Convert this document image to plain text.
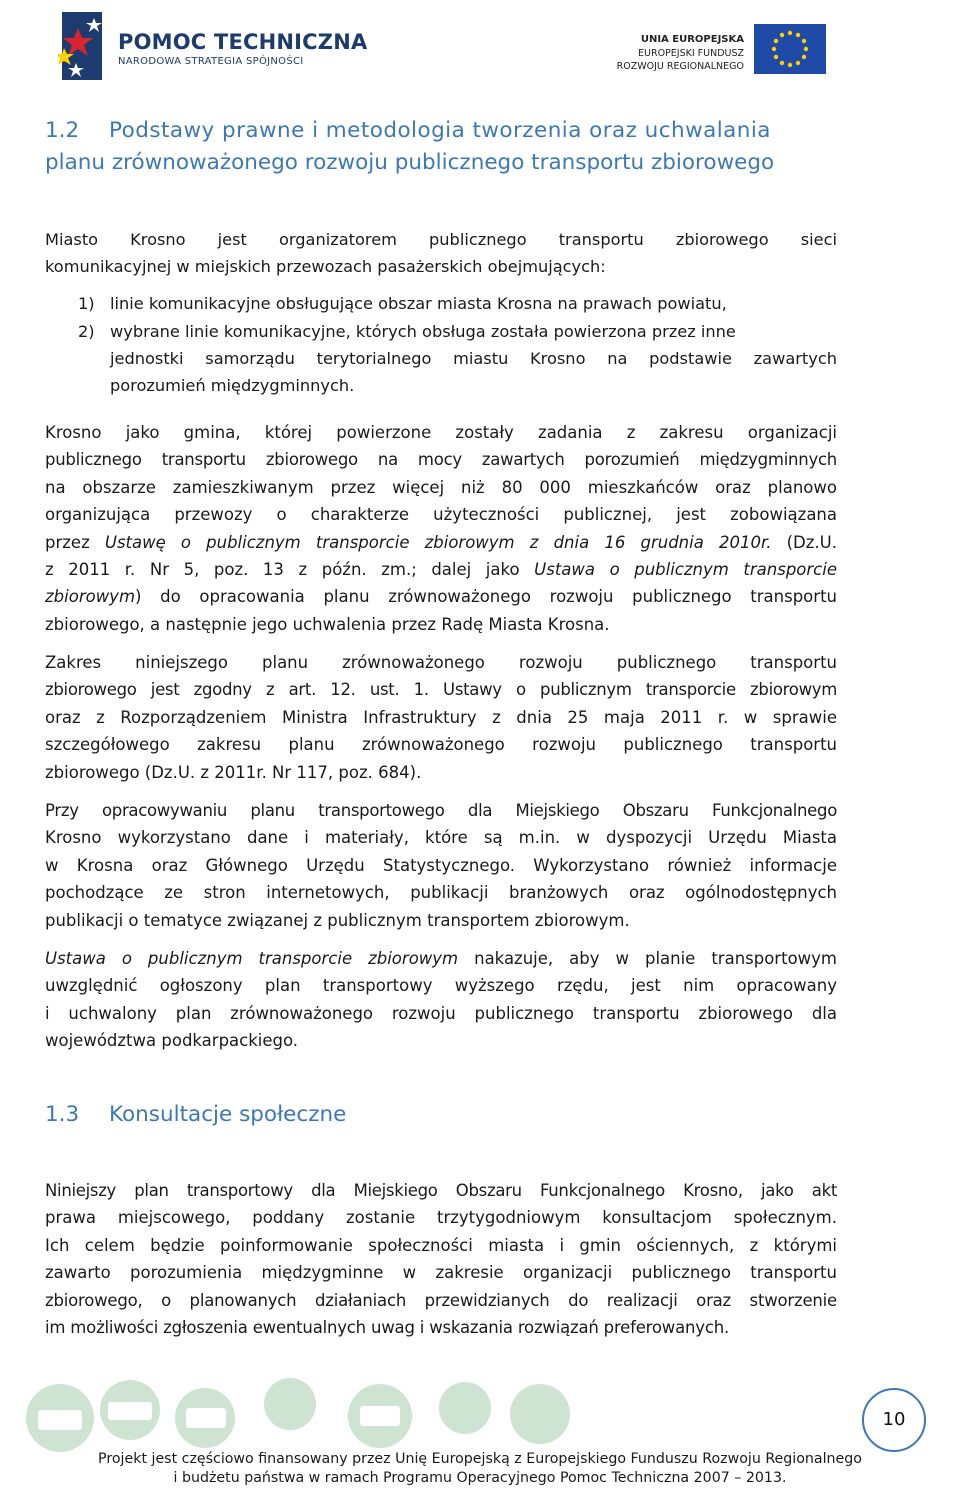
POMOC TECHNICZNA
NARODOWA STRATEGIA SPÓJNOŚCI
UNIA EUROPEJSKA
EUROPEJSKI FUNDUSZ
ROZWOJU REGIONALNEGO
1.2 Podstawy prawne i metodologia tworzenia oraz uchwalania
planu zrównoważonego rozwoju publicznego transportu zbiorowego
Miasto Krosno jest organizatorem publicznego transportu zbiorowego sieci
komunikacyjnej w miejskich przewozach pasażerskich obejmujących:
1) linie komunikacyjne obsługujące obszar miasta Krosna na prawach powiatu,
2) wybrane linie komunikacyjne, których obsługa została powierzona przez inne
jednostki samorządu terytorialnego miastu Krosno na podstawie zawartych
porozumień międzygminnych.
Krosno jako gmina, której powierzone zostały zadania z zakresu organizacji
publicznego transportu zbiorowego na mocy zawartych porozumień międzygminnych
na obszarze zamieszkiwanym przez więcej niż 80 000 mieszkańców oraz planowo
organizująca przewozy o charakterze użyteczności publicznej, jest zobowiązana
przez Ustawę o publicznym transporcie zbiorowym z dnia 16 grudnia 2010r. (Dz.U.
z 2011 r. Nr 5, poz. 13 z późn. zm.; dalej jako Ustawa o publicznym transporcie
zbiorowym) do opracowania planu zrównoważonego rozwoju publicznego transportu
zbiorowego, a następnie jego uchwalenia przez Radę Miasta Krosna.
Zakres niniejszego planu zrównoważonego rozwoju publicznego transportu
zbiorowego jest zgodny z art. 12. ust. 1. Ustawy o publicznym transporcie zbiorowym
oraz z Rozporządzeniem Ministra Infrastruktury z dnia 25 maja 2011 r. w sprawie
szczegółowego zakresu planu zrównoważonego rozwoju publicznego transportu
zbiorowego (Dz.U. z 2011r. Nr 117, poz. 684).
Przy opracowywaniu planu transportowego dla Miejskiego Obszaru Funkcjonalnego
Krosno wykorzystano dane i materiały, które są m.in. w dyspozycji Urzędu Miasta
w Krosna oraz Głównego Urzędu Statystycznego. Wykorzystano również informacje
pochodzące ze stron internetowych, publikacji branżowych oraz ogólnodostępnych
publikacji o tematyce związanej z publicznym transportem zbiorowym.
Ustawa o publicznym transporcie zbiorowym nakazuje, aby w planie transportowym
uwzględnić ogłoszony plan transportowy wyższego rzędu, jest nim opracowany
i uchwalony plan zrównoważonego rozwoju publicznego transportu zbiorowego dla
województwa podkarpackiego.
1.3 Konsultacje społeczne
Niniejszy plan transportowy dla Miejskiego Obszaru Funkcjonalnego Krosno, jako akt
prawa miejscowego, poddany zostanie trzytygodniowym konsultacjom społecznym.
Ich celem będzie poinformowanie społeczności miasta i gmin ościennych, z którymi
zawarto porozumienia międzygminne w zakresie organizacji publicznego transportu
zbiorowego, o planowanych działaniach przewidzianych do realizacji oraz stworzenie
im możliwości zgłoszenia ewentualnych uwag i wskazania rozwiązań preferowanych.
10
Projekt jest częściowo finansowany przez Unię Europejską z Europejskiego Funduszu Rozwoju Regionalnego
i budżetu państwa w ramach Programu Operacyjnego Pomoc Techniczna 2007 – 2013.
